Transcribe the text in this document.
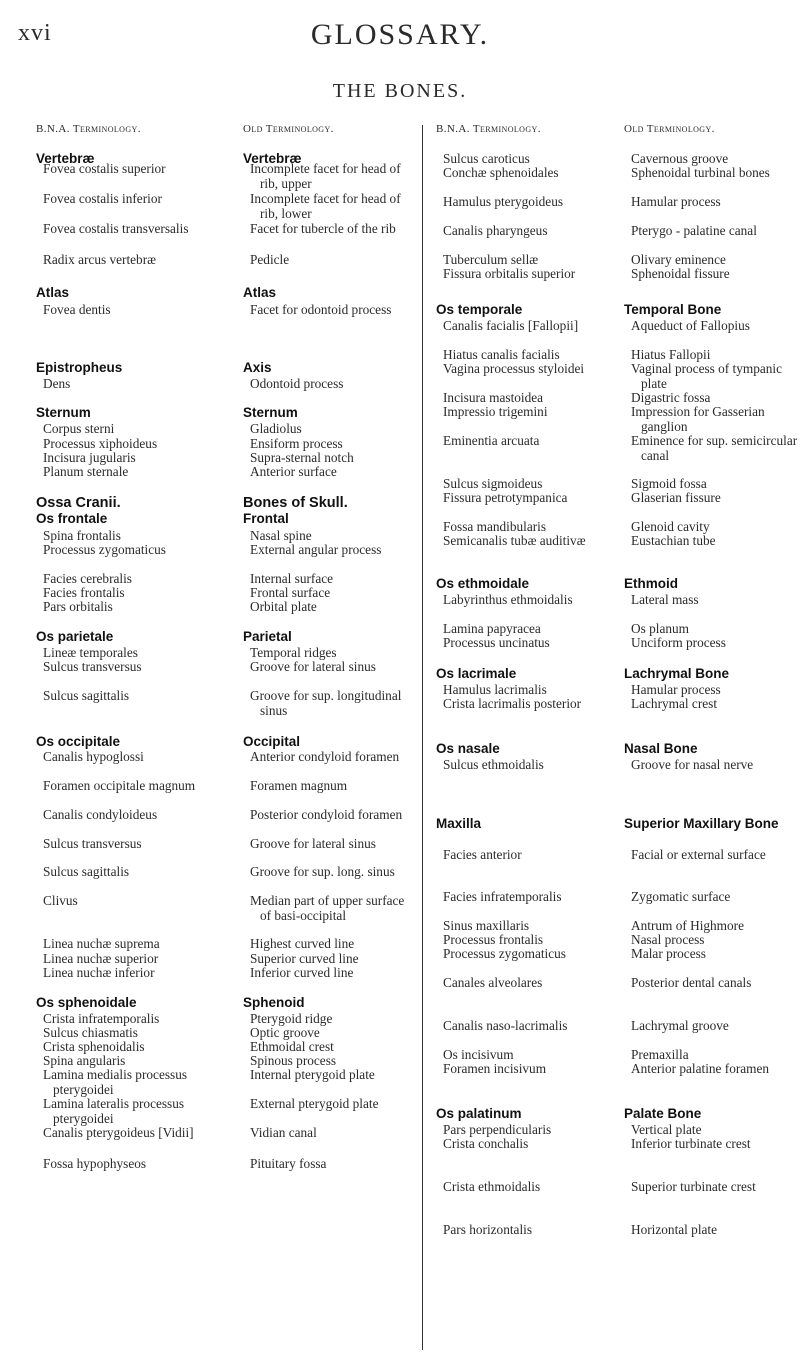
xvi	GLOSSARY.
THE BONES.
B.N.A. Terminology.
Vertebræ
Fovea costalis superior
Fovea costalis inferior
Fovea costalis transversalis
Radix arcus vertebræ
Atlas
Fovea dentis
Epistropheus
Dens
Sternum
Corpus sterni
Processus xiphoideus
Incisura jugularis
Planum sternale
Ossa Cranii.
Os frontale
Spina frontalis
Processus zygomaticus
Facies cerebralis
Facies frontalis
Pars orbitalis
Os parietale
Lineæ temporales
Sulcus transversus
Sulcus sagittalis
Os occipitale
Canalis hypoglossi
Foramen occipitale magnum
Canalis condyloideus
Sulcus transversus
Sulcus sagittalis
Clivus
Linea nuchæ suprema
Linea nuchæ superior
Linea nuchæ inferior
Os sphenoidale
Crista infratemporalis
Sulcus chiasmatis
Crista sphenoidalis
Spina angularis
Lamina medialis processus pterygoidei
Lamina lateralis processus pterygoidei
Canalis pterygoideus [Vidii]
Fossa hypophyseos
Old Terminology.
Vertebræ
Incomplete facet for head of rib, upper
Incomplete facet for head of rib, lower
Facet for tubercle of the rib
Pedicle
Atlas
Facet for odontoid process
Axis
Odontoid process
Sternum
Gladiolus
Ensiform process
Supra-sternal notch
Anterior surface
Bones of Skull.
Frontal
Nasal spine
External angular process
Internal surface
Frontal surface
Orbital plate
Parietal
Temporal ridges
Groove for lateral sinus
Groove for sup. longitudinal sinus
Occipital
Anterior condyloid foramen
Foramen magnum
Posterior condyloid foramen
Groove for lateral sinus
Groove for sup. long. sinus
Median part of upper surface of basi-occipital
Highest curved line
Superior curved line
Inferior curved line
Sphenoid
Pterygoid ridge
Optic groove
Ethmoidal crest
Spinous process
Internal pterygoid plate
External pterygoid plate
Vidian canal
Pituitary fossa
B.N.A. Terminology.
Sulcus caroticus
Conchæ sphenoidales
Hamulus pterygoideus
Canalis pharyngeus
Tuberculum sellæ
Fissura orbitalis superior
Os temporale
Canalis facialis [Fallopii]
Hiatus canalis facialis
Vagina processus styloidei
Incisura mastoidea
Impressio trigemini
Eminentia arcuata
Sulcus sigmoideus
Fissura petrotympanica
Fossa mandibularis
Semicanalis tubæ auditivæ
Os ethmoidale
Labyrinthus ethmoidalis
Lamina papyracea
Processus uncinatus
Os lacrimale
Hamulus lacrimalis
Crista lacrimalis posterior
Os nasale
Sulcus ethmoidalis
Maxilla
Facies anterior
Facies infratemporalis
Sinus maxillaris
Processus frontalis
Processus zygomaticus
Canales alveolares
Canalis naso-lacrimalis
Os incisivum
Foramen incisivum
Os palatinum
Pars perpendicularis
Crista conchalis
Crista ethmoidalis
Pars horizontalis
Old Terminology.
Cavernous groove
Sphenoidal turbinal bones
Hamular process
Pterygo - palatine canal
Olivary eminence
Sphenoidal fissure
Temporal Bone
Aqueduct of Fallopius
Hiatus Fallopii
Vaginal process of tympanic plate
Digastric fossa
Impression for Gasserian ganglion
Eminence for sup. semicircular canal
Sigmoid fossa
Glaserian fissure
Glenoid cavity
Eustachian tube
Ethmoid
Lateral mass
Os planum
Unciform process
Lachrymal Bone
Hamular process
Lachrymal crest
Nasal Bone
Groove for nasal nerve
Superior Maxillary Bone
Facial or external surface
Zygomatic surface
Antrum of Highmore
Nasal process
Malar process
Posterior dental canals
Lachrymal groove
Premaxilla
Anterior palatine foramen
Palate Bone
Vertical plate
Inferior turbinate crest
Superior turbinate crest
Horizontal plate
